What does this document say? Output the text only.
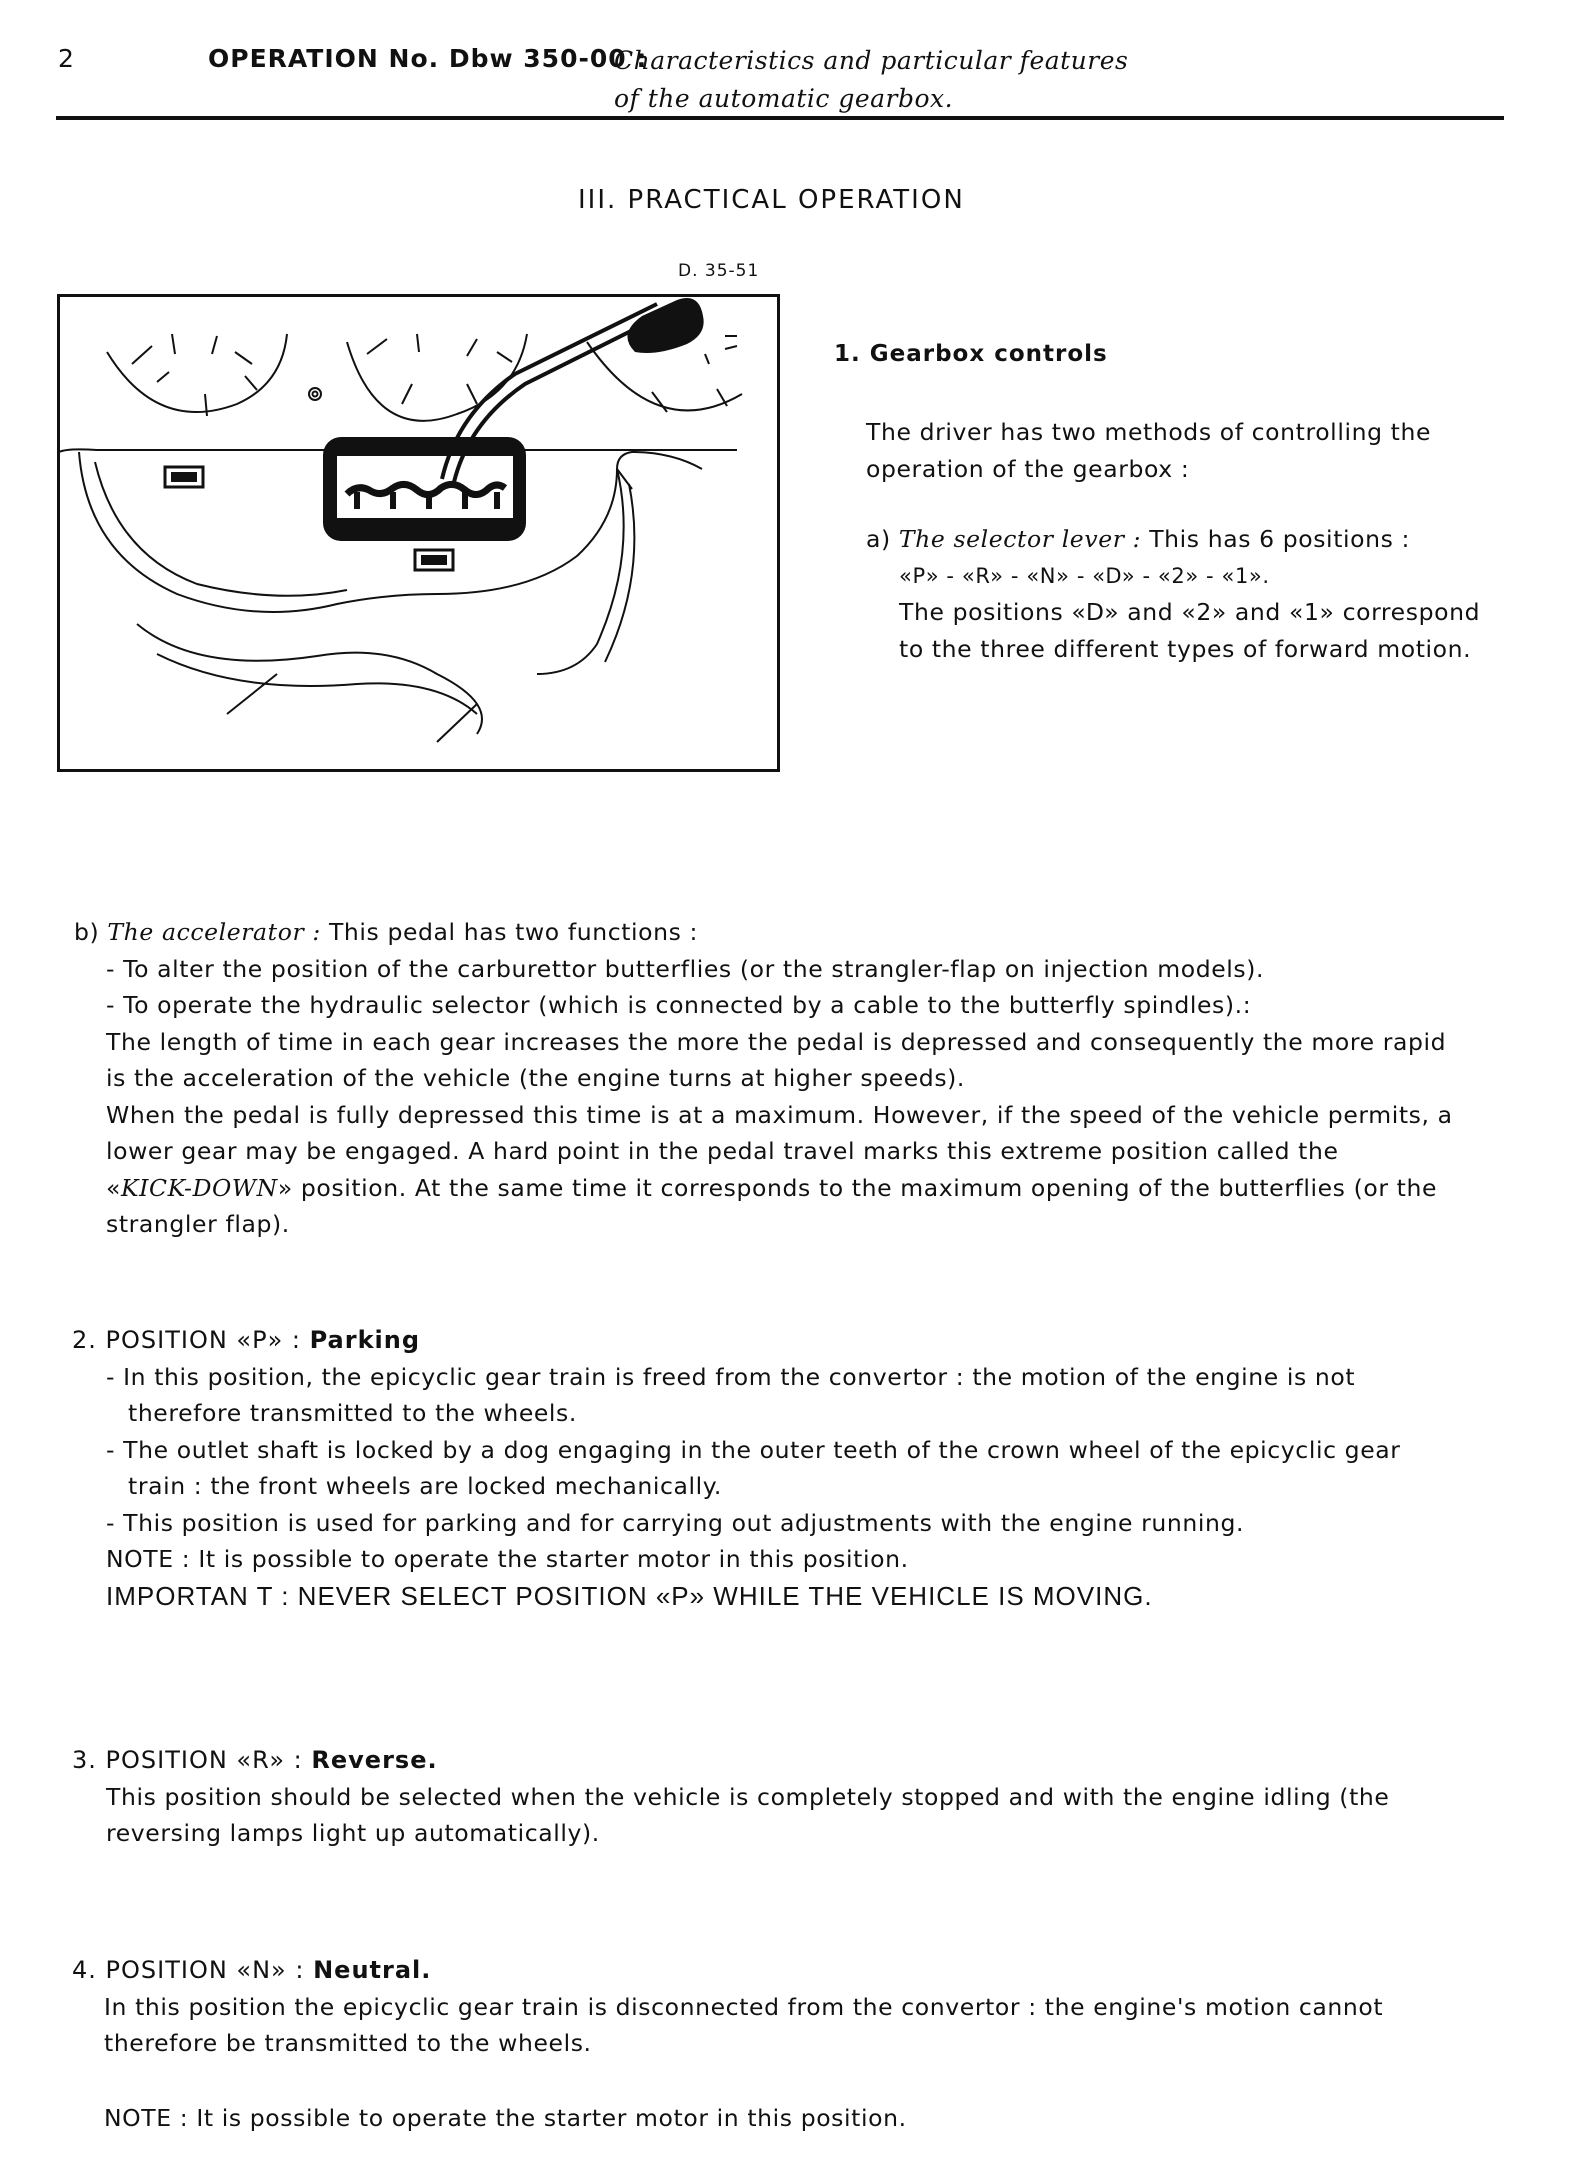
2	OPERATION No. Dbw 350-00 :
Characteristics and particular features
of the automatic gearbox.
III. PRACTICAL OPERATION
D. 35-51
1. Gearbox controls
The driver has two methods of controlling the
operation of the gearbox :
a) The selector lever : This has 6 positions :
«P» - «R» - «N» - «D» - «2» - «1».
The positions «D» and «2» and «1» correspond
to the three different types of forward motion.
b) The accelerator : This pedal has two functions :
- To alter the position of the carburettor butterflies (or the strangler-flap on injection models).
- To operate the hydraulic selector (which is connected by a cable to the butterfly spindles).:
The length of time in each gear increases the more the pedal is depressed and consequently the more rapid
is the acceleration of the vehicle (the engine turns at higher speeds).
When the pedal is fully depressed this time is at a maximum. However, if the speed of the vehicle permits, a
lower gear may be engaged. A hard point in the pedal travel marks this extreme position called the
«KICK-DOWN» position. At the same time it corresponds to the maximum opening of the butterflies (or the
strangler flap).
2. POSITION «P» : Parking
- In this position, the epicyclic gear train is freed from the convertor : the motion of the engine is not
therefore transmitted to the wheels.
- The outlet shaft is locked by a dog engaging in the outer teeth of the crown wheel of the epicyclic gear
train : the front wheels are locked mechanically.
- This position is used for parking and for carrying out adjustments with the engine running.
NOTE : It is possible to operate the starter motor in this position.
IMPORTAN T : NEVER SELECT POSITION «P» WHILE THE VEHICLE IS MOVING.
3. POSITION «R» : Reverse.
This position should be selected when the vehicle is completely stopped and with the engine idling (the
reversing lamps light up automatically).
4. POSITION «N» : Neutral.
In this position the epicyclic gear train is disconnected from the convertor : the engine's motion cannot
therefore be transmitted to the wheels.
NOTE : It is possible to operate the starter motor in this position.
